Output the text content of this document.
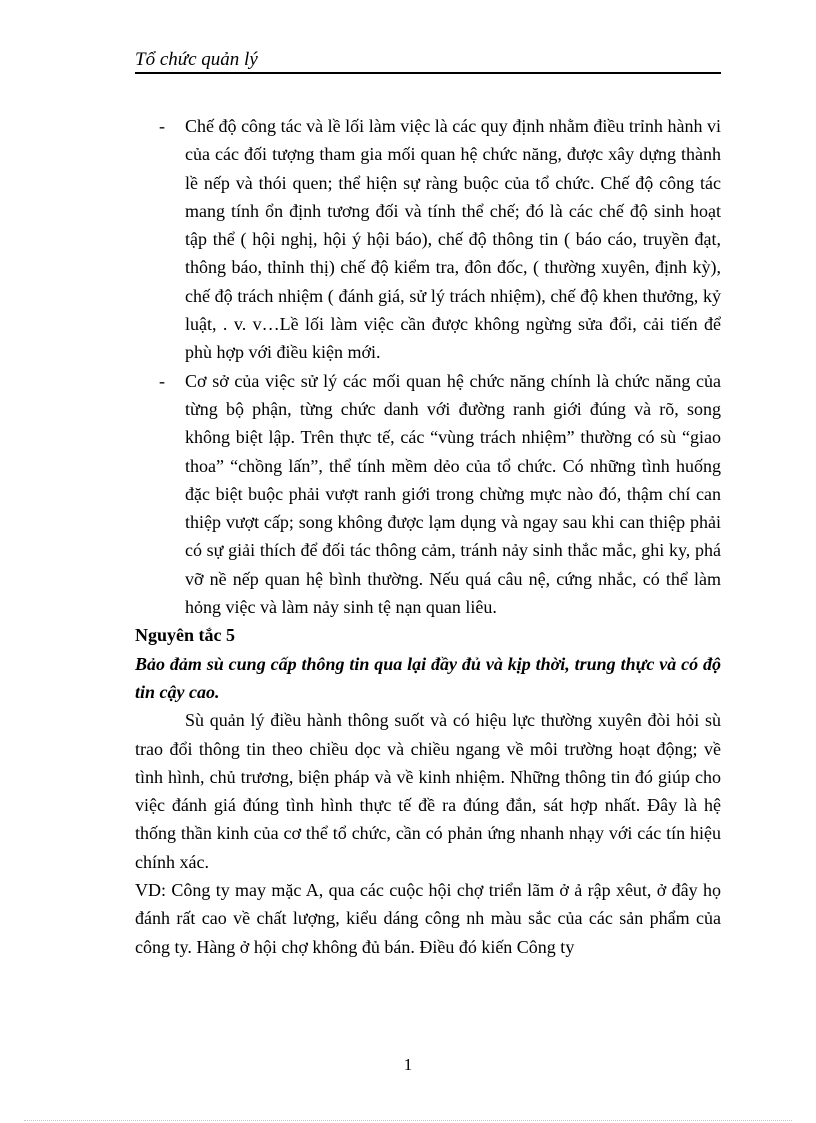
Tổ chức quản lý
- Chế độ công tác và lề lối làm việc là các quy định nhằm điều trỉnh hành vi của các đối tượng tham gia mối quan hệ chức năng, được xây dựng thành lề nếp và thói quen; thể hiện sự ràng buộc của tổ chức. Chế độ công tác mang tính ổn định tương đối và tính thể chế; đó là các chế độ sinh hoạt tập thể ( hội nghị, hội ý hội báo), chế độ thông tin ( báo cáo, truyền đạt, thông báo, thỉnh thị) chế độ kiểm tra, đôn đốc, ( thường xuyên, định kỳ), chế độ trách nhiệm ( đánh giá, sử lý trách nhiệm), chế độ khen thưởng, kỷ luật, . v. v…Lề lối làm việc cần được không ngừng sửa đổi, cải tiến để phù hợp với điều kiện mới.
- Cơ sở của việc sử lý các mối quan hệ chức năng chính là chức năng của từng bộ phận, từng chức danh với đường ranh giới đúng và rõ, song không biệt lập. Trên thực tế, các “vùng trách nhiệm” thường có sù “giao thoa” “chồng lấn”, thể tính mềm dẻo của tổ chức. Có những tình huống đặc biệt buộc phải vượt ranh giới trong chừng mực nào đó, thậm chí can thiệp vượt cấp; song không được lạm dụng và ngay sau khi can thiệp phải có sự giải thích để đối tác thông cảm, tránh nảy sinh thắc mắc, ghi ky, phá vỡ nề nếp quan hệ bình thường. Nếu quá câu nệ, cứng nhắc, có thể làm hỏng việc và làm nảy sinh tệ nạn quan liêu.

Nguyên tắc 5

Bảo đảm sù cung cấp thông tin qua lại đầy đủ và kịp thời, trung thực và có độ tin cậy cao.

Sù quản lý điều hành thông suốt và có hiệu lực thường xuyên đòi hỏi sù trao đổi thông tin theo chiều dọc và chiều ngang về môi trường hoạt động; về tình hình, chủ trương, biện pháp và về kinh nhiệm. Những thông tin đó giúp cho việc đánh giá đúng tình hình thực tế đề ra đúng đắn, sát hợp nhất. Đây là hệ thống thần kinh của cơ thể tổ chức, cần có phản ứng nhanh nhạy với các tín hiệu chính xác.

VD: Công ty may mặc A, qua các cuộc hội chợ triển lãm ở ả rập xêut, ở đây họ đánh rất cao về chất lượng, kiểu dáng công nh màu sắc của các sản phẩm của công ty. Hàng ở hội chợ không đủ bán. Điều đó kiến Công ty

1
